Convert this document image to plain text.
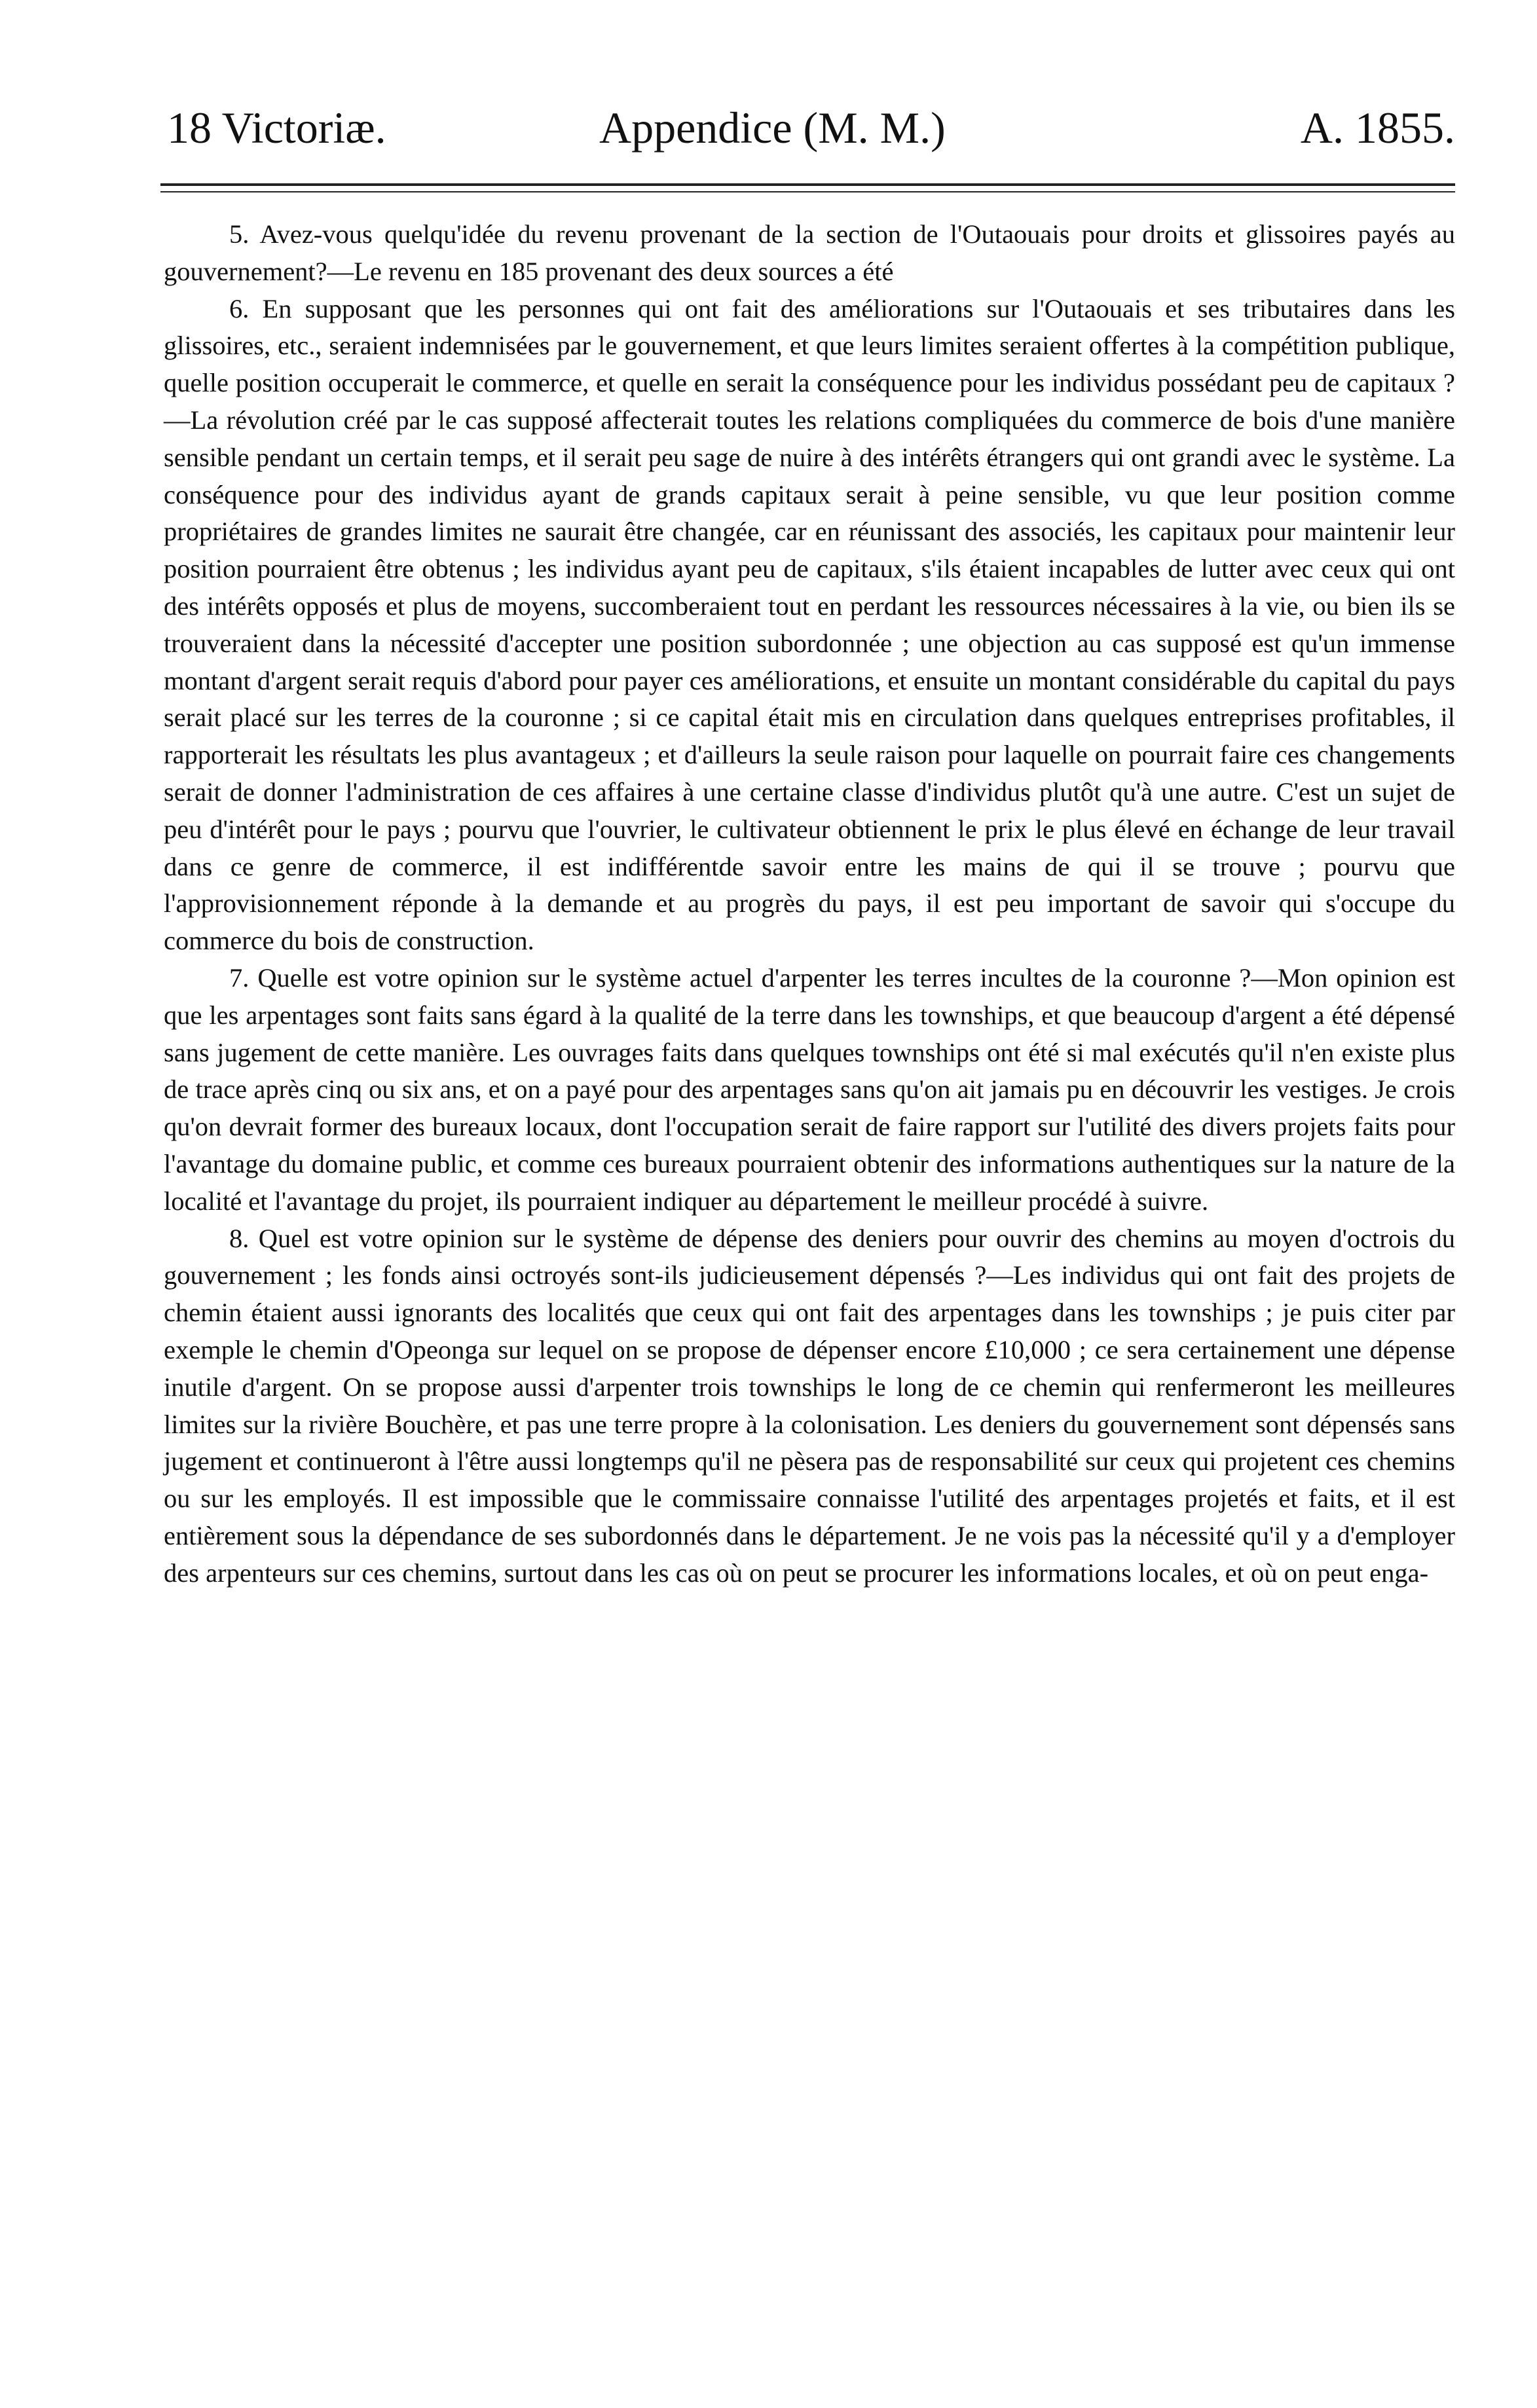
18 Victoriæ.	Appendice (M. M.)	A. 1855.

5. Avez-vous quelqu'idée du revenu provenant de la section de l'Outaouais pour droits et glissoires payés au gouvernement?—Le revenu en 185 provenant des deux sources a été

6. En supposant que les personnes qui ont fait des améliorations sur l'Outaouais et ses tributaires dans les glissoires, etc., seraient indemnisées par le gouvernement, et que leurs limites seraient offertes à la compétition publique, quelle position occuperait le commerce, et quelle en serait la conséquence pour les individus possédant peu de capitaux ?—La révolution créé par le cas supposé affecterait toutes les relations compliquées du commerce de bois d'une manière sensible pendant un certain temps, et il serait peu sage de nuire à des intérêts étrangers qui ont grandi avec le système. La conséquence pour des individus ayant de grands capitaux serait à peine sensible, vu que leur position comme propriétaires de grandes limites ne saurait être changée, car en réunissant des associés, les capitaux pour maintenir leur position pourraient être obtenus ; les individus ayant peu de capitaux, s'ils étaient incapables de lutter avec ceux qui ont des intérêts opposés et plus de moyens, succomberaient tout en perdant les ressources nécessaires à la vie, ou bien ils se trouveraient dans la nécessité d'accepter une position subordonnée ; une objection au cas supposé est qu'un immense montant d'argent serait requis d'abord pour payer ces améliorations, et ensuite un montant considérable du capital du pays serait placé sur les terres de la couronne ; si ce capital était mis en circulation dans quelques entreprises profitables, il rapporterait les résultats les plus avantageux ; et d'ailleurs la seule raison pour laquelle on pourrait faire ces changements serait de donner l'administration de ces affaires à une certaine classe d'individus plutôt qu'à une autre. C'est un sujet de peu d'intérêt pour le pays ; pourvu que l'ouvrier, le cultivateur obtiennent le prix le plus élevé en échange de leur travail dans ce genre de commerce, il est indifférentde savoir entre les mains de qui il se trouve ; pourvu que l'approvisionnement réponde à la demande et au progrès du pays, il est peu important de savoir qui s'occupe du commerce du bois de construction.

7. Quelle est votre opinion sur le système actuel d'arpenter les terres incultes de la couronne ?—Mon opinion est que les arpentages sont faits sans égard à la qualité de la terre dans les townships, et que beaucoup d'argent a été dépensé sans jugement de cette manière. Les ouvrages faits dans quelques townships ont été si mal exécutés qu'il n'en existe plus de trace après cinq ou six ans, et on a payé pour des arpentages sans qu'on ait jamais pu en découvrir les vestiges. Je crois qu'on devrait former des bureaux locaux, dont l'occupation serait de faire rapport sur l'utilité des divers projets faits pour l'avantage du domaine public, et comme ces bureaux pourraient obtenir des informations authentiques sur la nature de la localité et l'avantage du projet, ils pourraient indiquer au département le meilleur procédé à suivre.

8. Quel est votre opinion sur le système de dépense des deniers pour ouvrir des chemins au moyen d'octrois du gouvernement ; les fonds ainsi octroyés sont-ils judicieusement dépensés ?—Les individus qui ont fait des projets de chemin étaient aussi ignorants des localités que ceux qui ont fait des arpentages dans les townships ; je puis citer par exemple le chemin d'Opeonga sur lequel on se propose de dépenser encore £10,000 ; ce sera certainement une dépense inutile d'argent. On se propose aussi d'arpenter trois townships le long de ce chemin qui renfermeront les meilleures limites sur la rivière Bouchère, et pas une terre propre à la colonisation. Les deniers du gouvernement sont dépensés sans jugement et continueront à l'être aussi longtemps qu'il ne pèsera pas de responsabilité sur ceux qui projetent ces chemins ou sur les employés. Il est impossible que le commissaire connaisse l'utilité des arpentages projetés et faits, et il est entièrement sous la dépendance de ses subordonnés dans le département. Je ne vois pas la nécessité qu'il y a d'employer des arpenteurs sur ces chemins, surtout dans les cas où on peut se procurer les informations locales, et où on peut enga-
